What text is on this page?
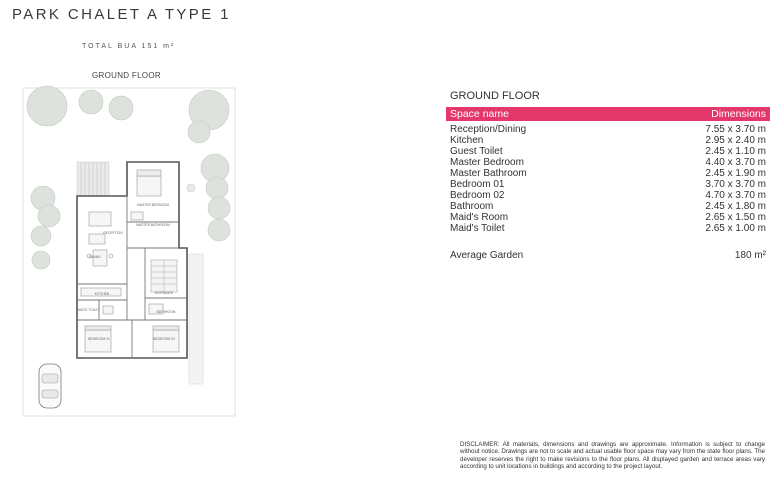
PARK CHALET A TYPE 1
TOTAL BUA 151 m²
GROUND FLOOR
MASTER BEDROOM
MASTER BATHROOM
RECEPTION
DINING
ENTRANCE
KITCHEN
BATHROOM
MAID'S TOILET
BEDROOM 01	BEDROOM 02
GROUND FLOOR
Space name	Dimensions
Reception/Dining	7.55 x 3.70 m
Kitchen	2.95 x 2.40 m
Guest Toilet	2.45 x 1.10 m
Master Bedroom	4.40 x 3.70 m
Master Bathroom	2.45 x 1.90 m
Bedroom 01	3.70 x 3.70 m
Bedroom 02	4.70 x 3.70 m
Bathroom	2.45 x 1.80 m
Maid's Room	2.65 x 1.50 m
Maid's Toilet	2.65 x 1.00 m
Average Garden	180 m²
DISCLAIMER: All materials, dimensions and drawings are approximate. Information is subject to change without notice. Drawings are not to scale and actual usable floor space may vary from the state floor plans. The developer reserves the right to make revisions to the floor plans. All displayed garden and terrace areas vary according to unit locations in buildings and according to the project layout.
